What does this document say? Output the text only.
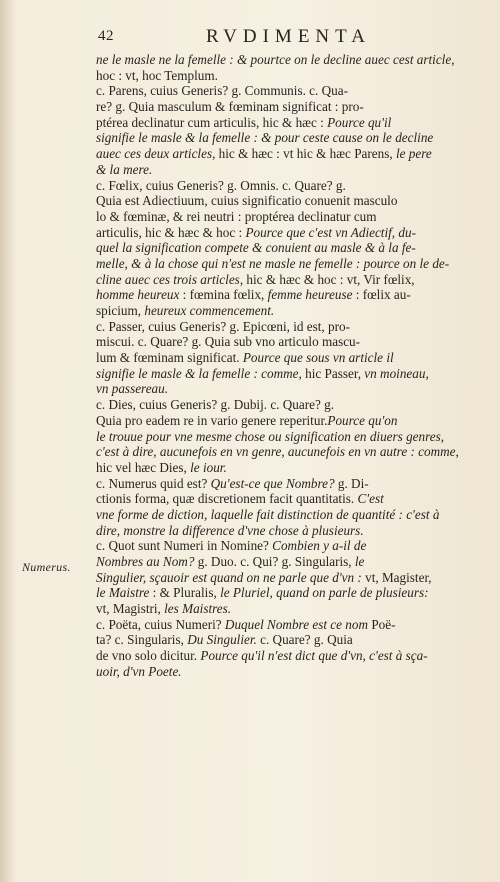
42	RVDIMENTA
Numerus.
ne le masle ne la femelle : & pourtce on le decline auec cest article,
hoc : vt, hoc Templum.
c. Parens, cuius Generis? g. Communis. c. Qua-
re? g. Quia masculum & fœminam significat : pro-
ptérea declinatur cum articulis, hic & hæc : Pource qu'il
signifie le masle & la femelle : & pour ceste cause on le decline
auec ces deux articles, hic & hæc : vt hic & hæc Parens, le pere
& la mere.
c. Fœlix, cuius Generis? g. Omnis. c. Quare? g.
Quia est Adiectiuum, cuius significatio conuenit masculo
lo & fœminæ, & rei neutri : proptérea declinatur cum
articulis, hic & hæc & hoc : Pource que c'est vn Adiectif, du-
quel la signification compete & conuient au masle & à la fe-
melle, & à la chose qui n'est ne masle ne femelle : pource on le de-
cline auec ces trois articles, hic & hæc & hoc : vt, Vir fœlix,
homme heureux : fœmina fœlix, femme heureuse : fœlix au-
spicium, heureux commencement.
c. Passer, cuius Generis? g. Epicœni, id est, pro-
miscui. c. Quare? g. Quia sub vno articulo mascu-
lum & fœminam significat. Pource que sous vn article il
signifie le masle & la femelle : comme, hic Passer, vn moineau,
vn passereau.
c. Dies, cuius Generis? g. Dubij. c. Quare? g.
Quia pro eadem re in vario genere reperitur.Pource qu'on
le trouue pour vne mesme chose ou signification en diuers genres,
c'est à dire, aucunefois en vn genre, aucunefois en vn autre : comme,
hic vel hæc Dies, le iour.
c. Numerus quid est? Qu'est-ce que Nombre? g. Di-
ctionis forma, quæ discretionem facit quantitatis. C'est
vne forme de diction, laquelle fait distinction de quantité : c'est à
dire, monstre la difference d'vne chose à plusieurs.
c. Quot sunt Numeri in Nomine? Combien y a-il de
Nombres au Nom? g. Duo. c. Qui? g. Singularis, le
Singulier, sçauoir est quand on ne parle que d'vn : vt, Magister,
le Maistre : & Pluralis, le Pluriel, quand on parle de plusieurs:
vt, Magistri, les Maistres.
c. Poëta, cuius Numeri? Duquel Nombre est ce nom Poë-
ta? c. Singularis, Du Singulier. c. Quare? g. Quia
de vno solo dicitur. Pource qu'il n'est dict que d'vn, c'est à sça-
uoir, d'vn Poete.
